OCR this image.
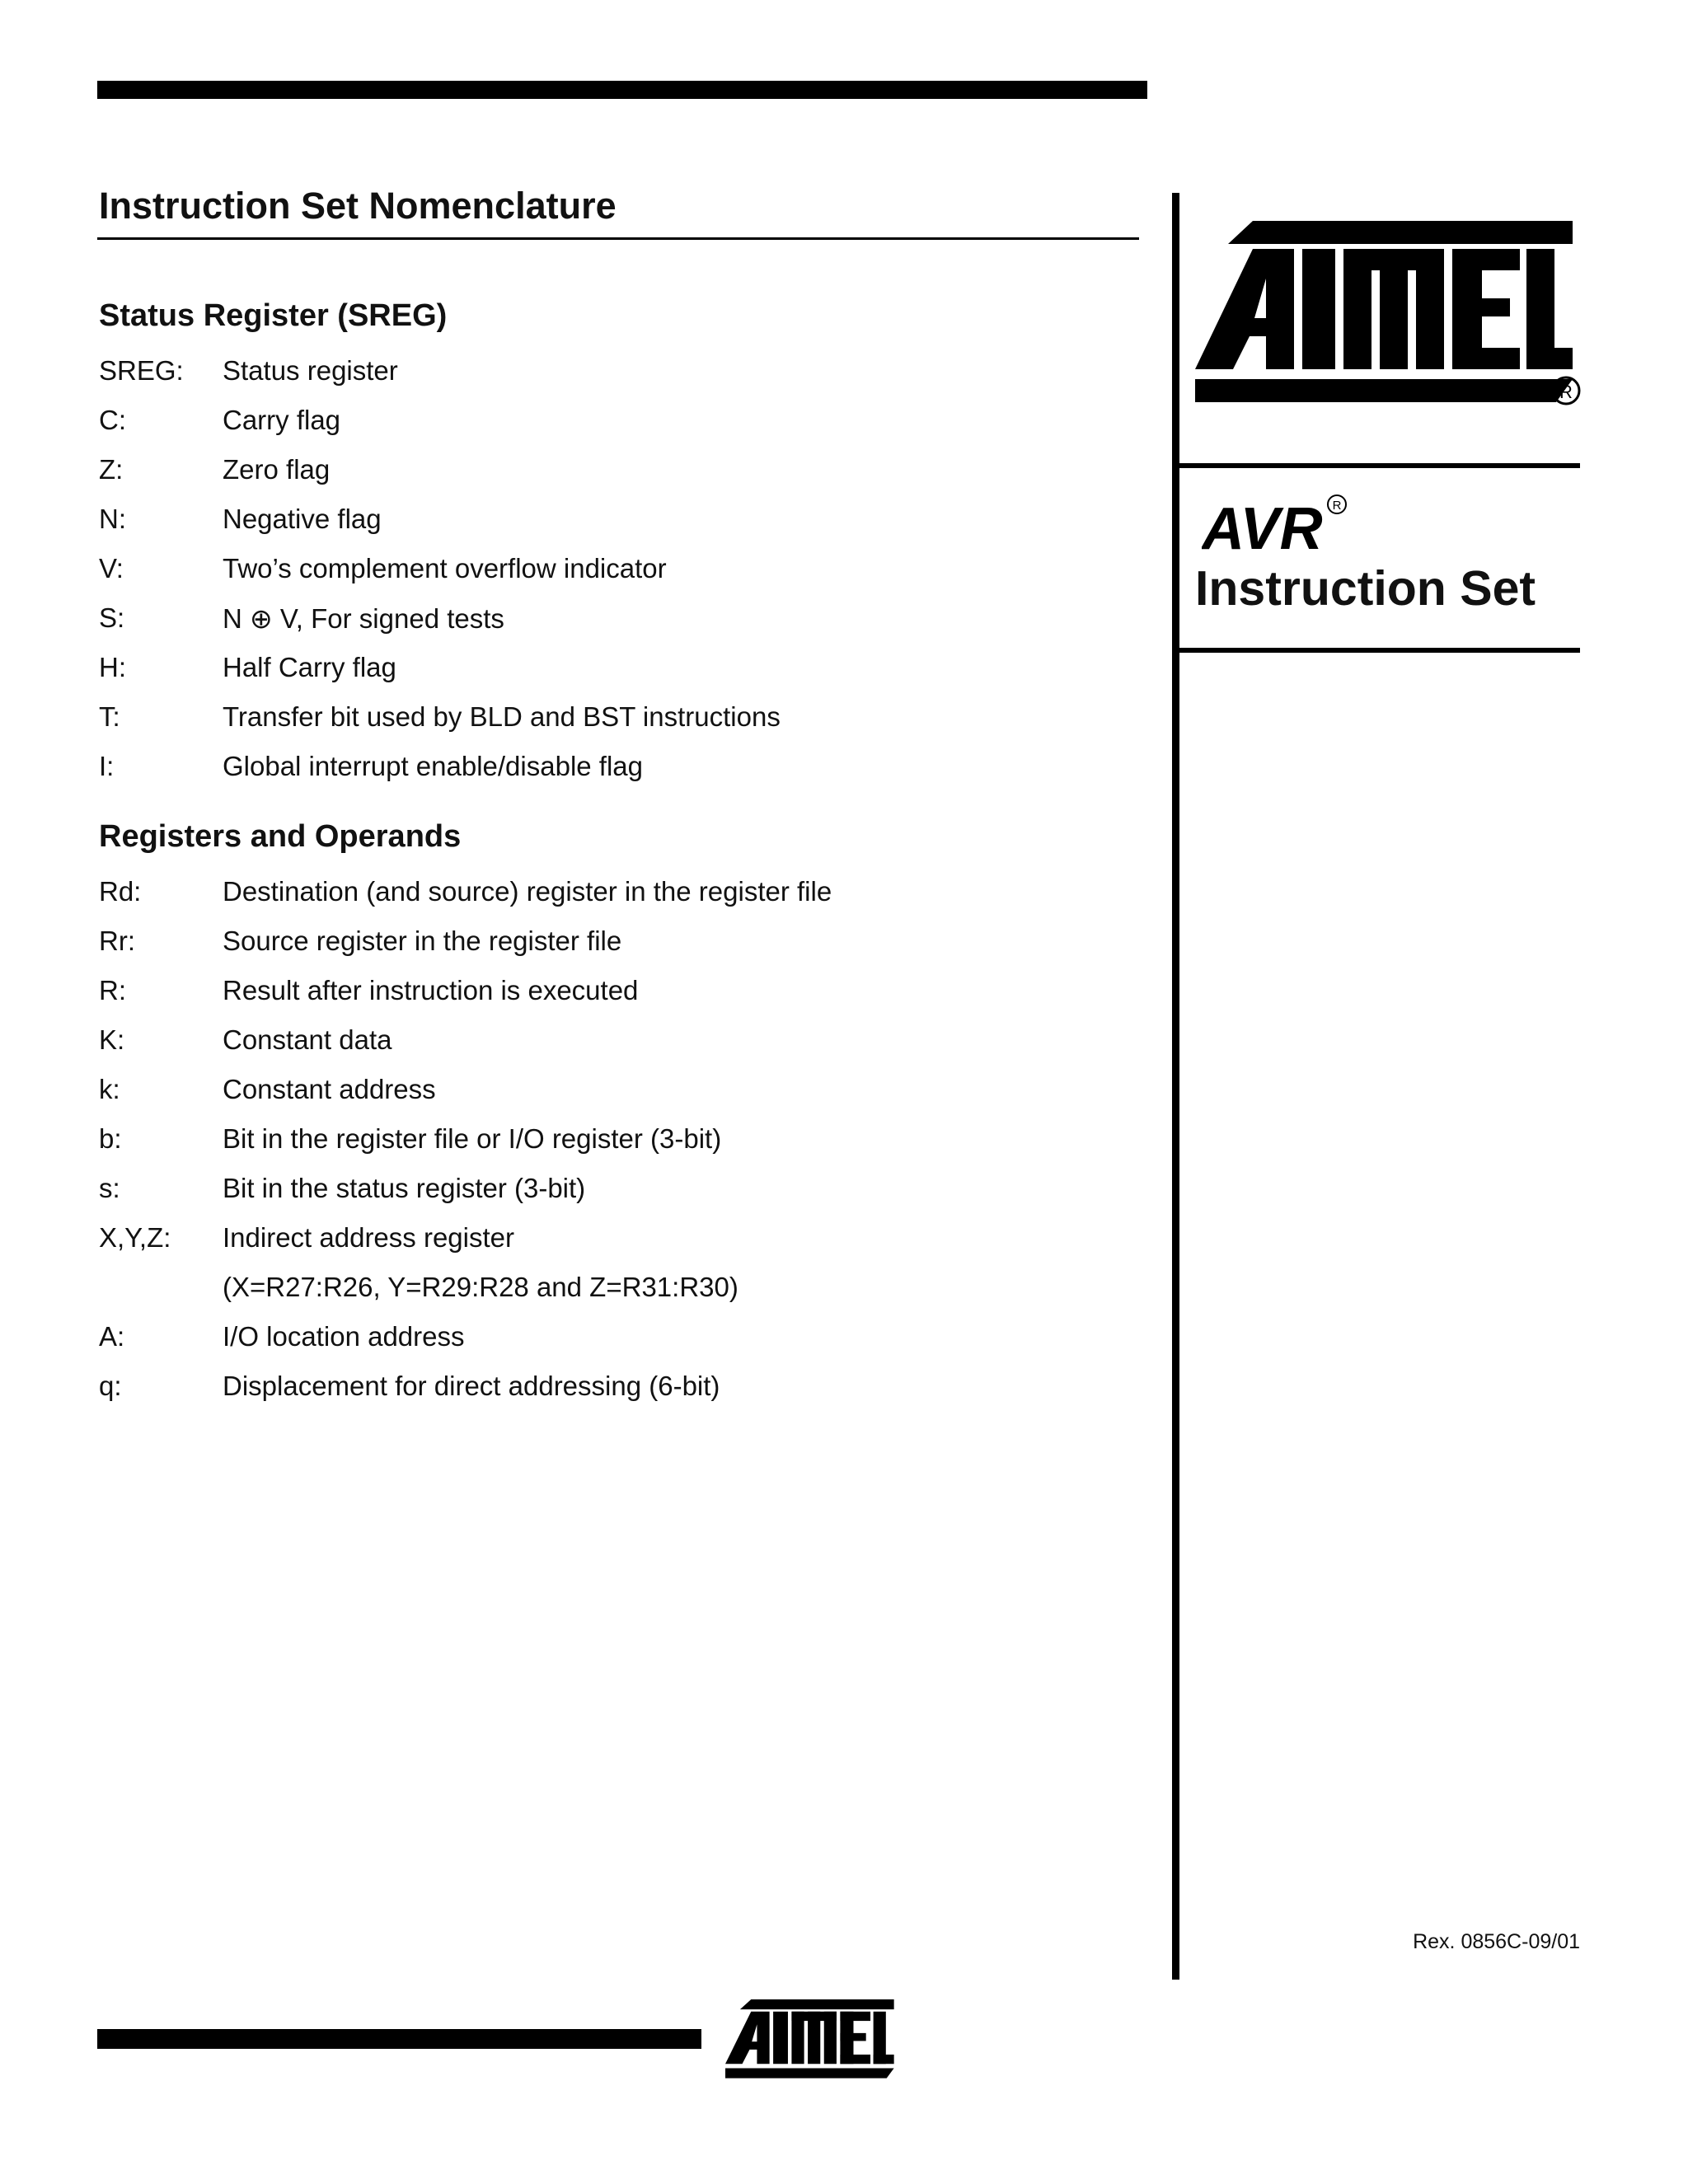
Instruction Set Nomenclature
Status Register (SREG)
SREG:	Status register
C:	Carry flag
Z:	Zero flag
N:	Negative flag
V:	Two’s complement overflow indicator
S:	N ⊕ V, For signed tests
H:	Half Carry flag
T:	Transfer bit used by BLD and BST instructions
I:	Global interrupt enable/disable flag
Registers and Operands
Rd:	Destination (and source) register in the register file
Rr:	Source register in the register file
R:	Result after instruction is executed
K:	Constant data
k:	Constant address
b:	Bit in the register file or I/O register (3-bit)
s:	Bit in the status register (3-bit)
X,Y,Z:	Indirect address register
(X=R27:R26, Y=R29:R28 and Z=R31:R30)
A:	I/O location address
q:	Displacement for direct addressing (6-bit)
R
AVR R
Instruction Set
Rex. 0856C-09/01
